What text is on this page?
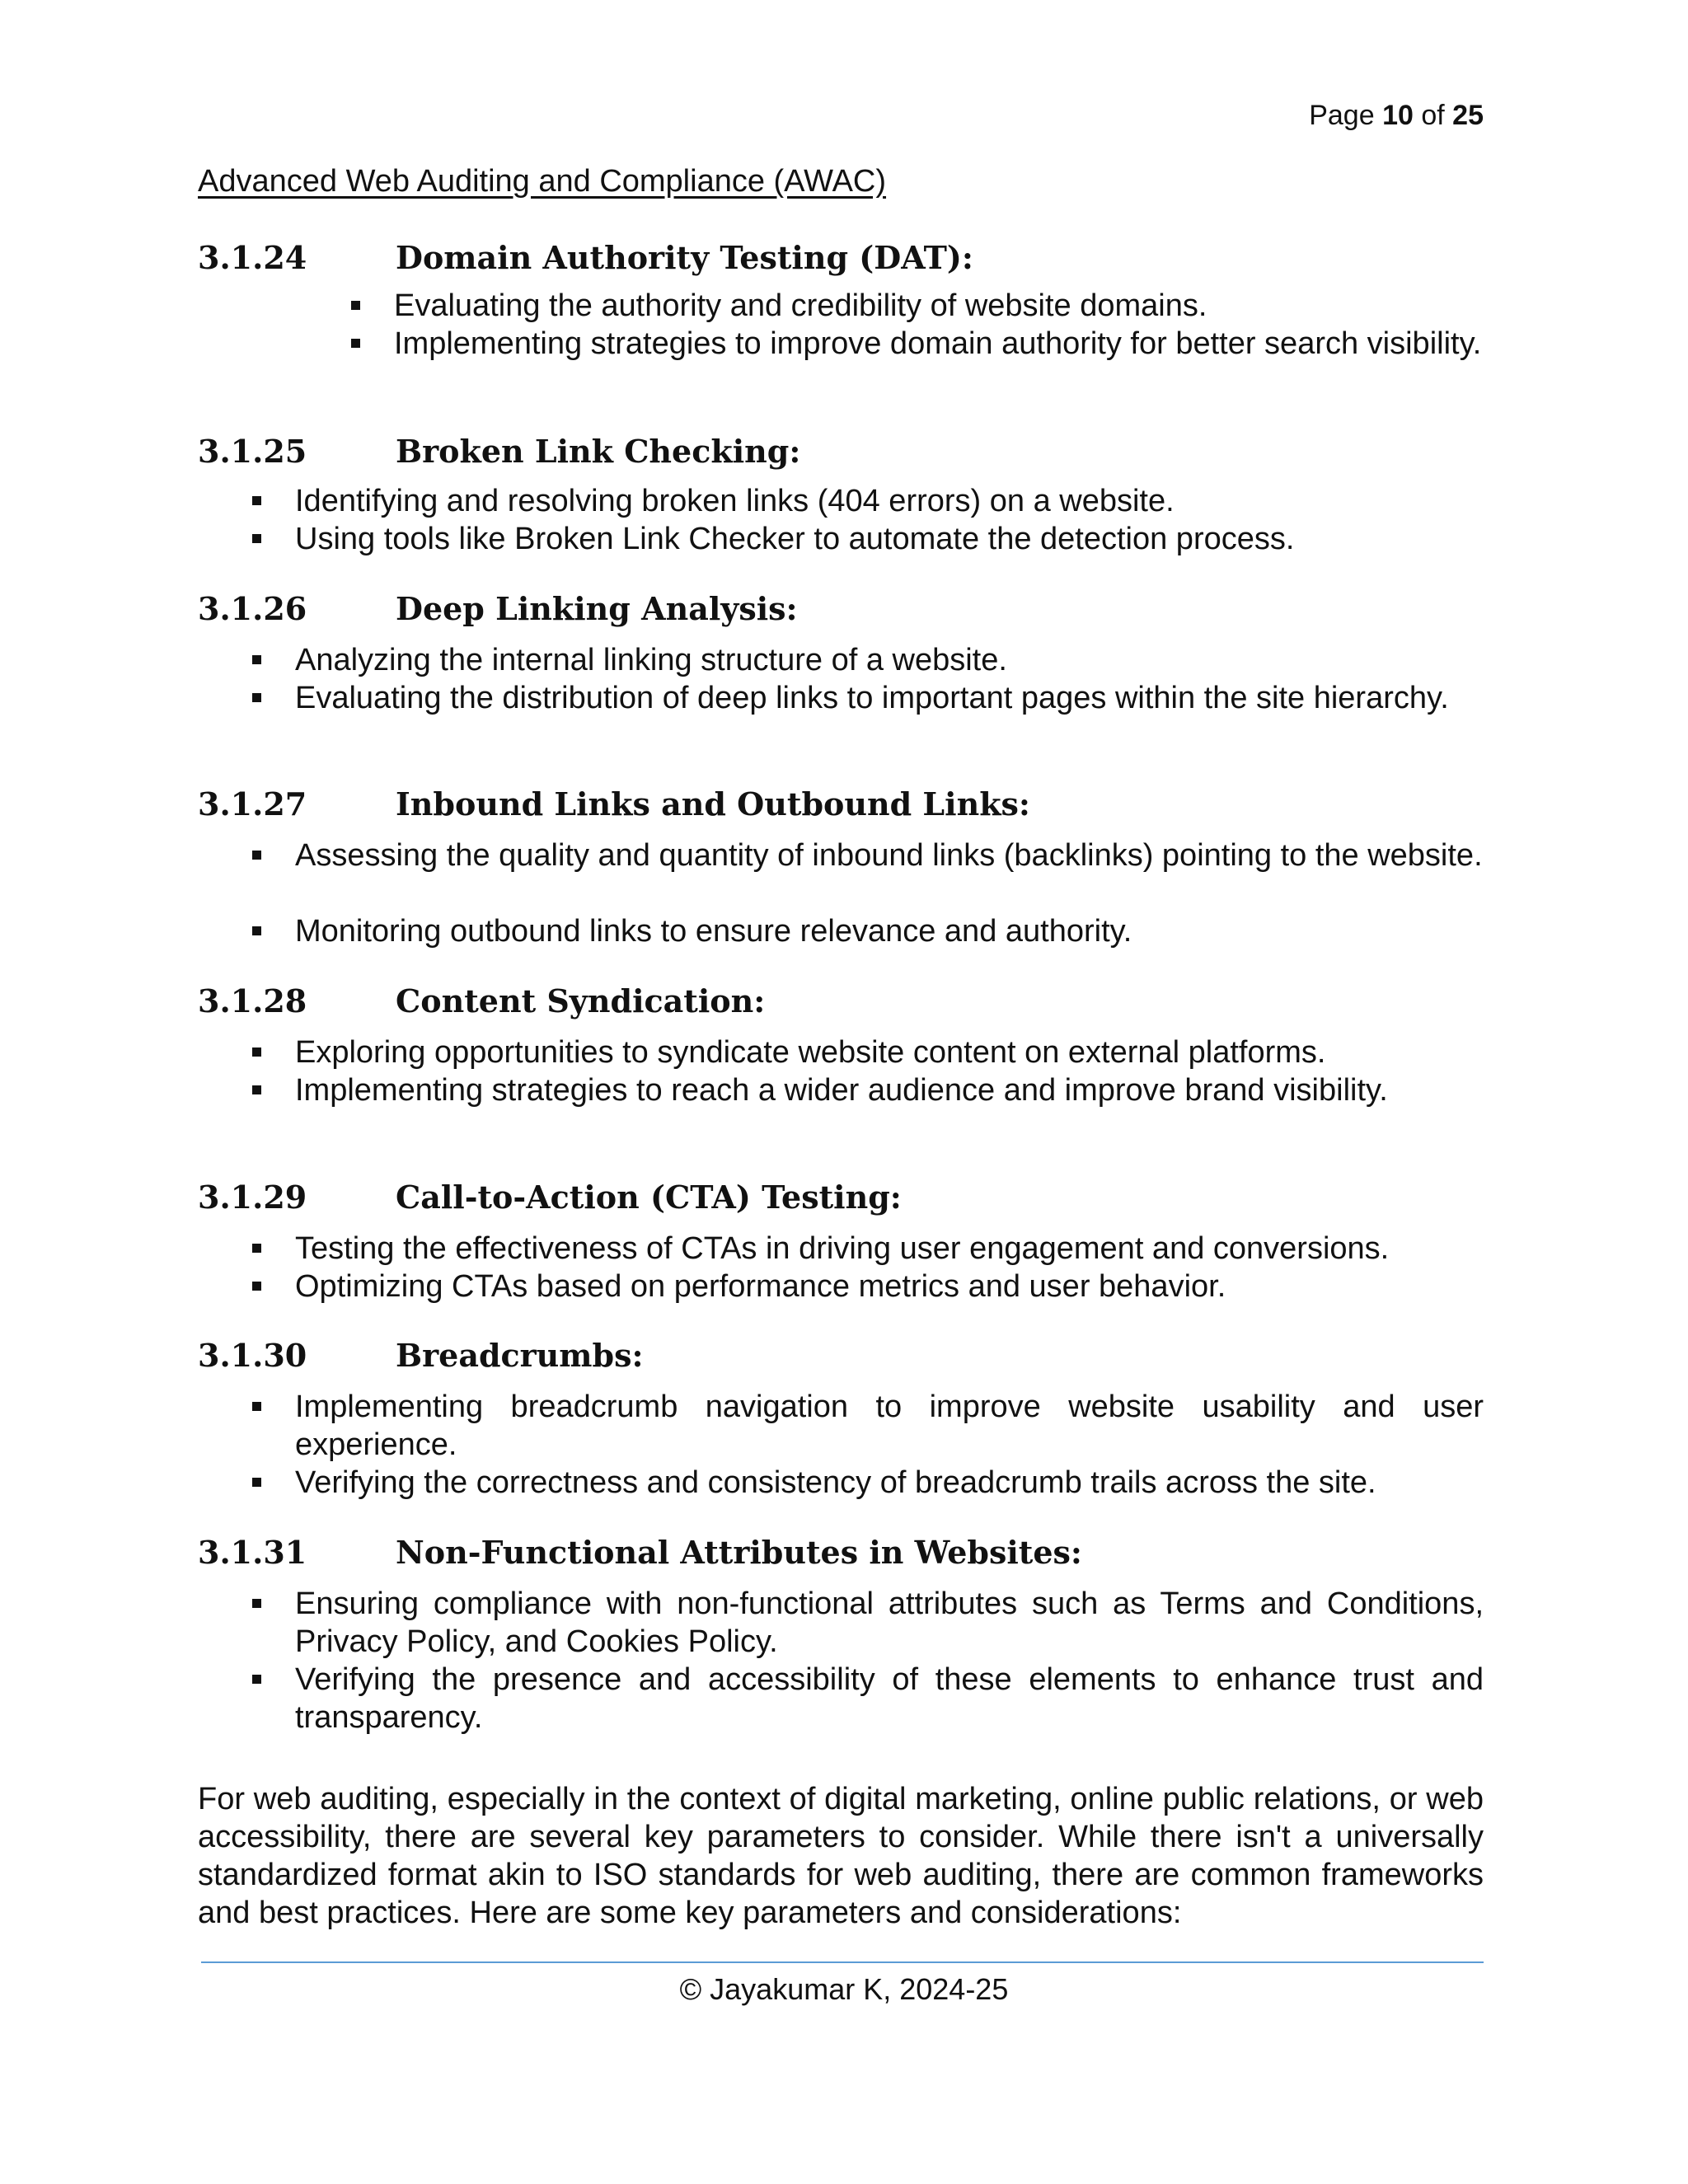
Page 10 of 25
Advanced Web Auditing and Compliance (AWAC)
3.1.24	Domain Authority Testing (DAT):
Evaluating the authority and credibility of website domains.
Implementing strategies to improve domain authority for better search visibility.
3.1.25	Broken Link Checking:
Identifying and resolving broken links (404 errors) on a website.
Using tools like Broken Link Checker to automate the detection process.
3.1.26	Deep Linking Analysis:
Analyzing the internal linking structure of a website.
Evaluating the distribution of deep links to important pages within the site hierarchy.
3.1.27	Inbound Links and Outbound Links:
Assessing the quality and quantity of inbound links (backlinks) pointing to the website.
Monitoring outbound links to ensure relevance and authority.
3.1.28	Content Syndication:
Exploring opportunities to syndicate website content on external platforms.
Implementing strategies to reach a wider audience and improve brand visibility.
3.1.29	Call-to-Action (CTA) Testing:
Testing the effectiveness of CTAs in driving user engagement and conversions.
Optimizing CTAs based on performance metrics and user behavior.
3.1.30	Breadcrumbs:
Implementing breadcrumb navigation to improve website usability and user experience.
Verifying the correctness and consistency of breadcrumb trails across the site.
3.1.31	Non-Functional Attributes in Websites:
Ensuring compliance with non-functional attributes such as Terms and Conditions, Privacy Policy, and Cookies Policy.
Verifying the presence and accessibility of these elements to enhance trust and transparency.
For web auditing, especially in the context of digital marketing, online public relations, or web accessibility, there are several key parameters to consider. While there isn't a universally standardized format akin to ISO standards for web auditing, there are common frameworks and best practices. Here are some key parameters and considerations:
© Jayakumar K, 2024-25
